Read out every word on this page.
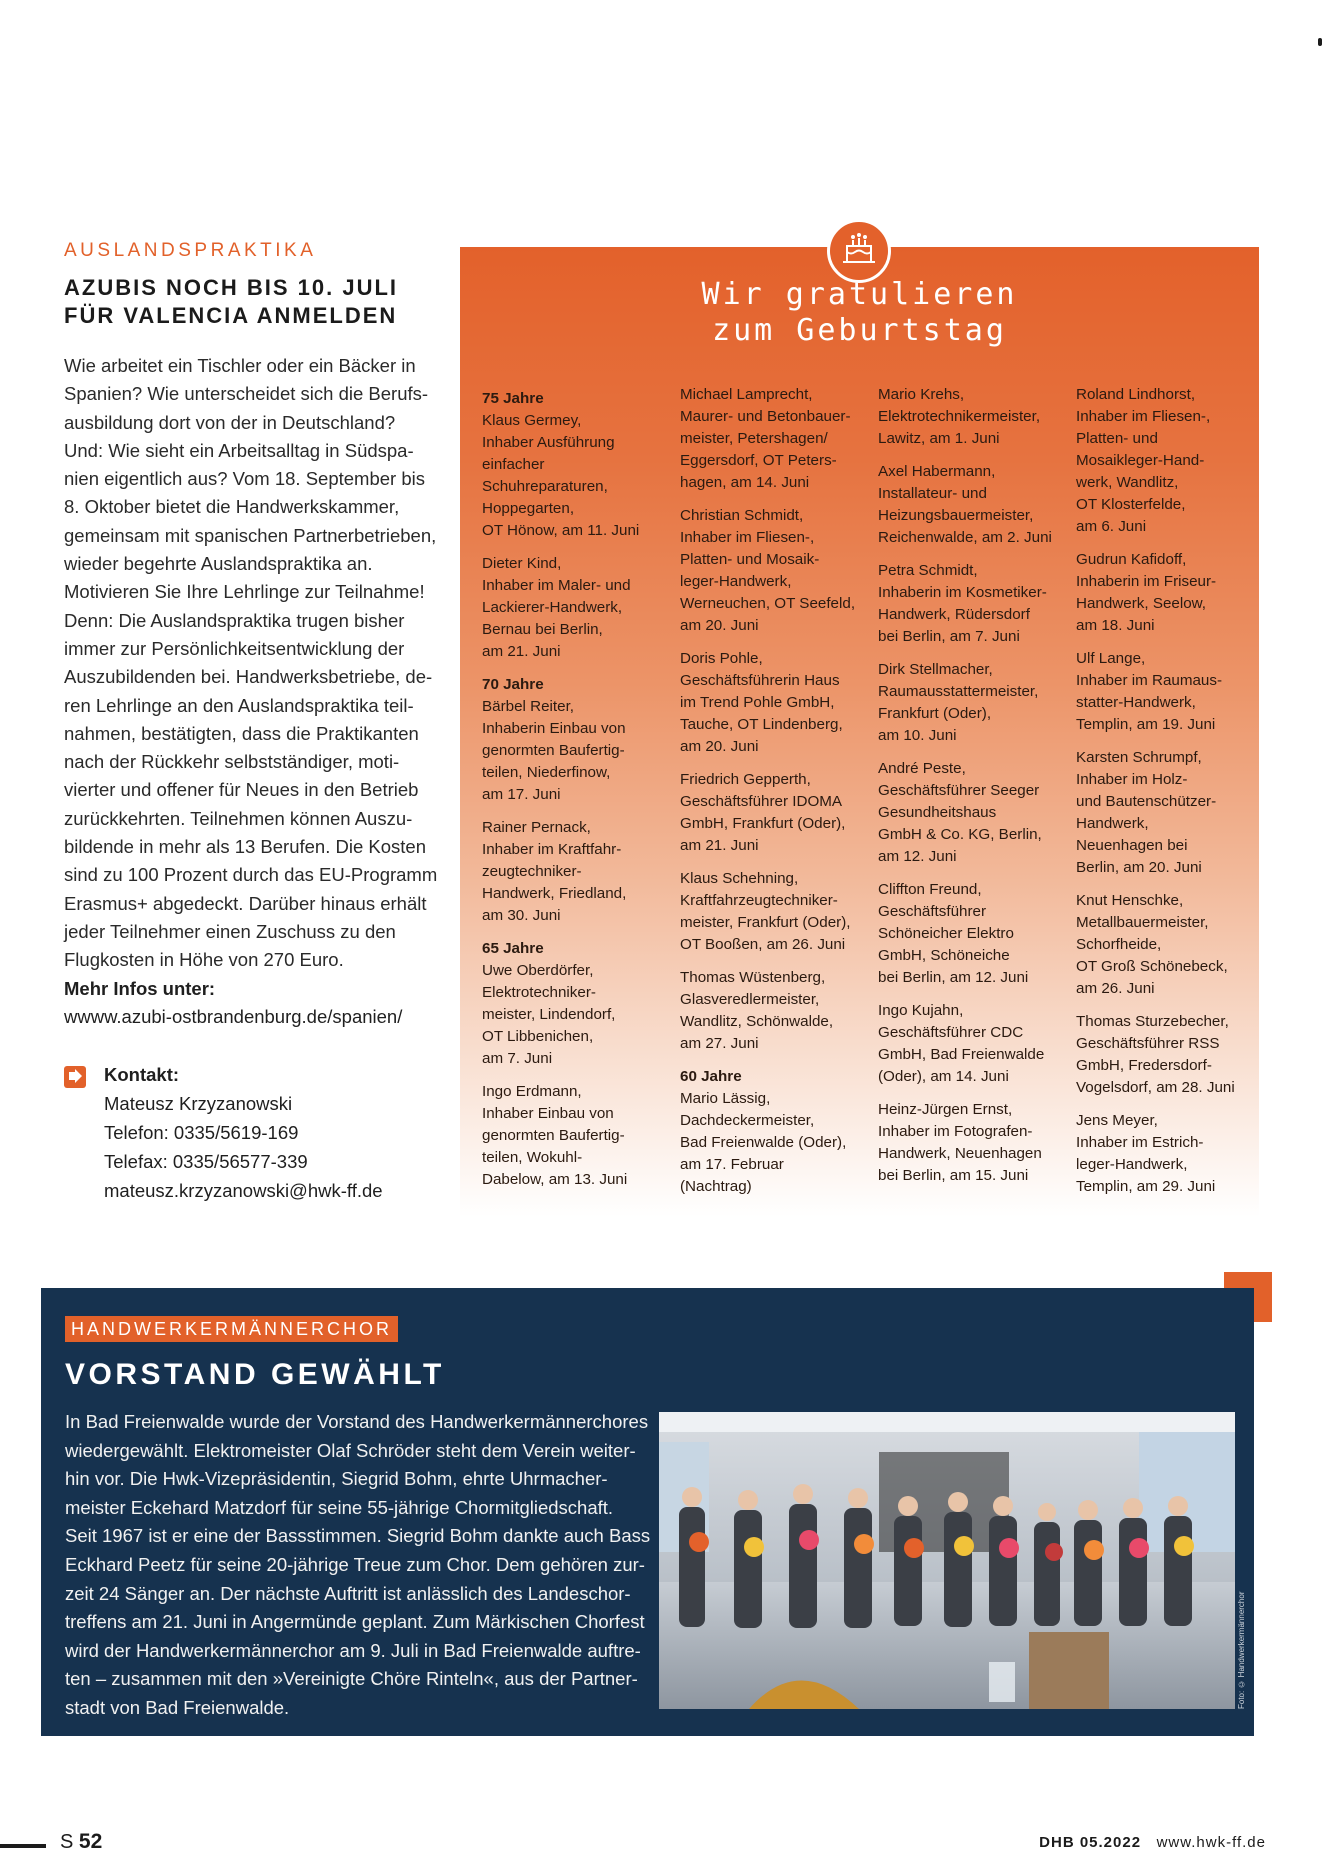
AUSLANDSPRAKTIKA
AZUBIS NOCH BIS 10. JULI
FÜR VALENCIA ANMELDEN

Wie arbeitet ein Tischler oder ein Bäcker in

Spanien? Wie unterscheidet sich die Berufs-

ausbildung dort von der in Deutschland?

Und: Wie sieht ein Arbeitsalltag in Südspa-

nien eigentlich aus? Vom 18. September bis

8. Oktober bietet die Handwerkskammer,

gemeinsam mit spanischen Partnerbetrieben,

wieder begehrte Auslandspraktika an.

Motivieren Sie Ihre Lehrlinge zur Teilnahme!

Denn: Die Auslandspraktika trugen bisher

immer zur Persönlichkeitsentwicklung der

Auszubildenden bei. Handwerksbetriebe, de-

ren Lehrlinge an den Auslandspraktika teil-

nahmen, bestätigten, dass die Praktikanten

nach der Rückkehr selbstständiger, moti-

vierter und offener für Neues in den Betrieb

zurückkehrten. Teilnehmen können Auszu-

bildende in mehr als 13 Berufen. Die Kosten

sind zu 100 Prozent durch das EU-Programm

Erasmus+ abgedeckt. Darüber hinaus erhält

jeder Teilnehmer einen Zuschuss zu den

Flugkosten in Höhe von 270 Euro.

Mehr Infos unter:
wwww.azubi-ostbrandenburg.de/spanien/
Kontakt:
Mateusz Krzyzanowski
Telefon: 0335/5619-169
Telefax: 0335/56577-339
mateusz.krzyzanowski@hwk-ff.de
Wir gratulieren
zum Geburtstag
75 Jahre
Klaus Germey,
Inhaber Ausführung
einfacher
Schuhreparaturen,
Hoppegarten,
OT Hönow, am 11. Juni
Dieter Kind,
Inhaber im Maler- und
Lackierer-Handwerk,
Bernau bei Berlin,
am 21. Juni
70 Jahre
Bärbel Reiter,
Inhaberin Einbau von
genormten Baufertig-
teilen, Niederfinow,
am 17. Juni
Rainer Pernack,
Inhaber im Kraftfahr-
zeugtechniker-
Handwerk, Friedland,
am 30. Juni
65 Jahre
Uwe Oberdörfer,
Elektrotechniker-
meister, Lindendorf,
OT Libbenichen,
am 7. Juni
Ingo Erdmann,
Inhaber Einbau von
genormten Baufertig-
teilen, Wokuhl-
Dabelow, am 13. Juni
Michael Lamprecht,
Maurer- und Betonbauer-
meister, Petershagen/
Eggersdorf, OT Peters-
hagen, am 14. Juni
Christian Schmidt,
Inhaber im Fliesen-,
Platten- und Mosaik-
leger-Handwerk,
Werneuchen, OT Seefeld,
am 20. Juni
Doris Pohle,
Geschäftsführerin Haus
im Trend Pohle GmbH,
Tauche, OT Lindenberg,
am 20. Juni
Friedrich Gepperth,
Geschäftsführer IDOMA
GmbH, Frankfurt (Oder),
am 21. Juni
Klaus Schehning,
Kraftfahrzeugtechniker-
meister, Frankfurt (Oder),
OT Booßen, am 26. Juni
Thomas Wüstenberg,
Glasveredlermeister,
Wandlitz, Schönwalde,
am 27. Juni
60 Jahre
Mario Lässig,
Dachdeckermeister,
Bad Freienwalde (Oder),
am 17. Februar
(Nachtrag)
Mario Krehs,
Elektrotechnikermeister,
Lawitz, am 1. Juni
Axel Habermann,
Installateur- und
Heizungsbauermeister,
Reichenwalde, am 2. Juni
Petra Schmidt,
Inhaberin im Kosmetiker-
Handwerk, Rüdersdorf
bei Berlin, am 7. Juni
Dirk Stellmacher,
Raumausstattermeister,
Frankfurt (Oder),
am 10. Juni
André Peste,
Geschäftsführer Seeger
Gesundheitshaus
GmbH & Co. KG, Berlin,
am 12. Juni
Cliffton Freund,
Geschäftsführer
Schöneicher Elektro
GmbH, Schöneiche
bei Berlin, am 12. Juni
Ingo Kujahn,
Geschäftsführer CDC
GmbH, Bad Freienwalde
(Oder), am 14. Juni
Heinz-Jürgen Ernst,
Inhaber im Fotografen-
Handwerk, Neuenhagen
bei Berlin, am 15. Juni
Roland Lindhorst,
Inhaber im Fliesen-,
Platten- und
Mosaikleger-Hand-
werk, Wandlitz,
OT Klosterfelde,
am 6. Juni
Gudrun Kafidoff,
Inhaberin im Friseur-
Handwerk, Seelow,
am 18. Juni
Ulf Lange,
Inhaber im Raumaus-
statter-Handwerk,
Templin, am 19. Juni
Karsten Schrumpf,
Inhaber im Holz-
und Bautenschützer-
Handwerk,
Neuenhagen bei
Berlin, am 20. Juni
Knut Henschke,
Metallbauermeister,
Schorfheide,
OT Groß Schönebeck,
am 26. Juni
Thomas Sturzebecher,
Geschäftsführer RSS
GmbH, Fredersdorf-
Vogelsdorf, am 28. Juni
Jens Meyer,
Inhaber im Estrich-
leger-Handwerk,
Templin, am 29. Juni
HANDWERKERMÄNNERCHOR
VORSTAND GEWÄHLT

In Bad Freienwalde wurde der Vorstand des Handwerkermännerchores

wiedergewählt. Elektromeister Olaf Schröder steht dem Verein weiter-

hin vor. Die Hwk-Vizepräsidentin, Siegrid Bohm, ehrte Uhrmacher-

meister Eckehard Matzdorf für seine 55-jährige Chormitgliedschaft.

Seit 1967 ist er eine der Bassstimmen. Siegrid Bohm dankte auch Bass

Eckhard Peetz für seine 20-jährige Treue zum Chor. Dem gehören zur-

zeit 24 Sänger an. Der nächste Auftritt ist anlässlich des Landeschor-

treffens am 21. Juni in Angermünde geplant. Zum Märkischen Chorfest

wird der Handwerkermännerchor am 9. Juli in Bad Freienwalde auftre-

ten – zusammen mit den »Vereinigte Chöre Rinteln«, aus der Partner-

stadt von Bad Freienwalde.	Foto: © Handwerkermännerchor
S 52	DHB 05.2022 www.hwk-ff.de
